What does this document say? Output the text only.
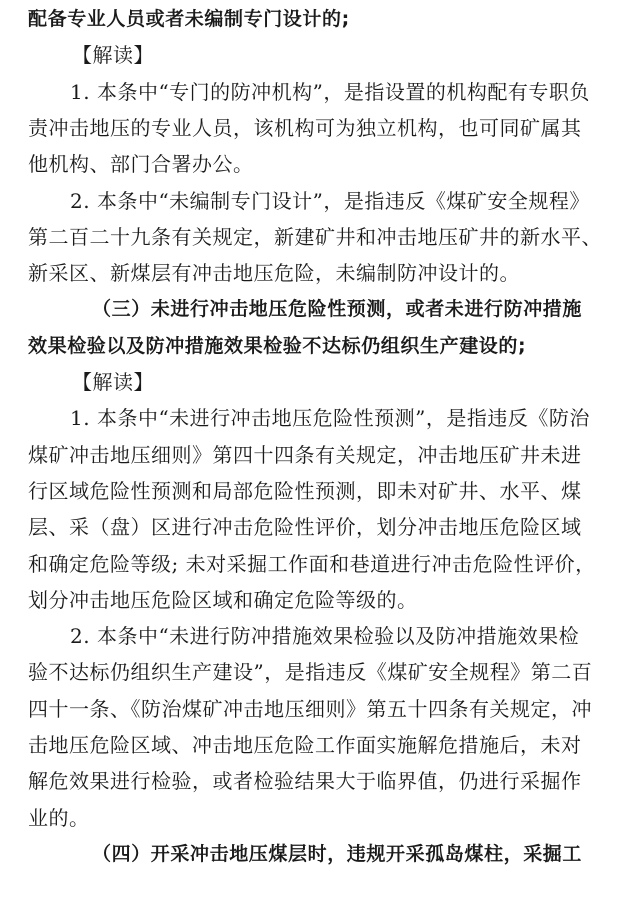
配备专业人员或者未编制专门设计的;
【解读】
1. 本条中“专门的防冲机构”，是指设置的机构配有专职负
责冲击地压的专业人员，该机构可为独立机构，也可同矿属其
他机构、部门合署办公。
2. 本条中“未编制专门设计”，是指违反《煤矿安全规程》
第二百二十九条有关规定，新建矿井和冲击地压矿井的新水平、
新采区、新煤层有冲击地压危险，未编制防冲设计的。
（三）未进行冲击地压危险性预测，或者未进行防冲措施
效果检验以及防冲措施效果检验不达标仍组织生产建设的;
【解读】
1. 本条中“未进行冲击地压危险性预测”，是指违反《防治
煤矿冲击地压细则》第四十四条有关规定，冲击地压矿井未进
行区域危险性预测和局部危险性预测，即未对矿井、水平、煤
层、采（盘）区进行冲击危险性评价，划分冲击地压危险区域
和确定危险等级; 未对采掘工作面和巷道进行冲击危险性评价，
划分冲击地压危险区域和确定危险等级的。
2. 本条中“未进行防冲措施效果检验以及防冲措施效果检
验不达标仍组织生产建设”，是指违反《煤矿安全规程》第二百
四十一条、《防治煤矿冲击地压细则》第五十四条有关规定，冲
击地压危险区域、冲击地压危险工作面实施解危措施后，未对
解危效果进行检验，或者检验结果大于临界值，仍进行采掘作
业的。
（四）开采冲击地压煤层时，违规开采孤岛煤柱，采掘工
